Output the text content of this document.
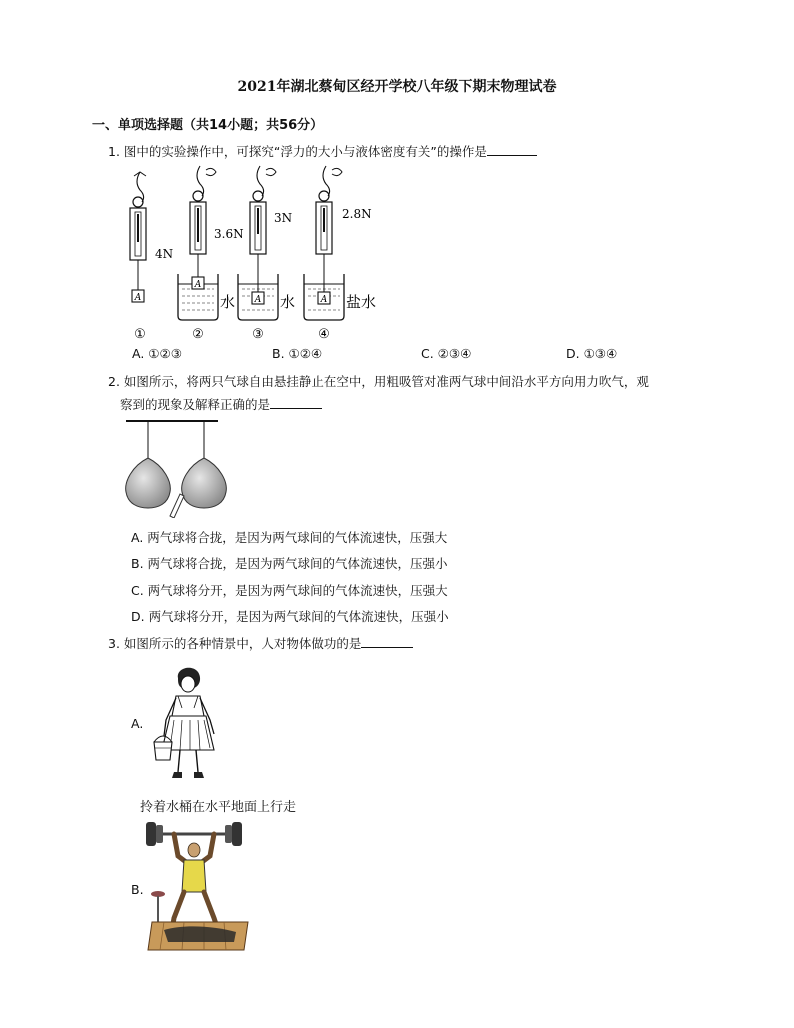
2021年湖北蔡甸区经开学校八年级下期末物理试卷
一、单项选择题（共14小题；共56分）
1. 图中的实验操作中，可探究“浮力的大小与液体密度有关”的操作是
A
4N
A
3.6N
水 A
3N
水	A
2.8N
盐水
①	②	③	④
A. ①②③	B. ①②④	C. ②③④	D. ①③④
2. 如图所示，将两只气球自由悬挂静止在空中，用粗吸管对准两气球中间沿水平方向用力吹气，观
察到的现象及解释正确的是
A. 两气球将合拢，是因为两气球间的气体流速快，压强大
B. 两气球将合拢，是因为两气球间的气体流速快，压强小
C. 两气球将分开，是因为两气球间的气体流速快，压强大
D. 两气球将分开，是因为两气球间的气体流速快，压强小
3. 如图所示的各种情景中，人对物体做功的是
A.
拎着水桶在水平地面上行走
B.
